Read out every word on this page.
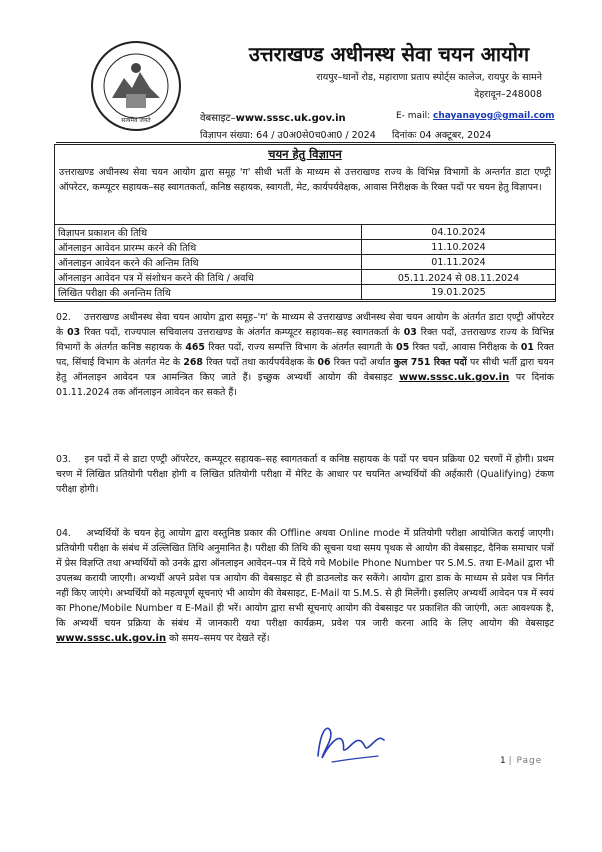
सत्यमेव जयते
उत्तराखण्ड अधीनस्थ सेवा चयन आयोग
रायपुर–थानों रोड, महाराणा प्रताप स्पोर्ट्स कालेज, रायपुर के सामने
देहरादून–248008
वेबसाइट–www.sssc.uk.gov.in	E- mail: chayanayog@gmail.com
विज्ञापन संख्या: 64 / उ0अ0से0च0आ0 / 2024 दिनांकः 04 अक्टूबर, 2024
चयन हेतु विज्ञापन
उत्तराखण्ड अधीनस्थ सेवा चयन आयोग द्वारा समूह 'ग' सीधी भर्ती के माध्यम से उत्तराखण्ड राज्य के विभिन्न विभागों के अन्तर्गत डाटा एण्ट्री ऑपरेटर, कम्प्यूटर सहायक–सह स्वागतकर्ता, कनिष्ठ सहायक, स्वागती, मेट, कार्यपर्यवेक्षक, आवास निरीक्षक के रिक्त पदों पर चयन हेतु विज्ञापन।
विज्ञापन प्रकाशन की तिथि	04.10.2024
ऑनलाइन आवेदन प्रारम्भ करने की तिथि	11.10.2024
ऑनलाइन आवेदन करने की अन्तिम तिथि	01.11.2024
ऑनलाइन आवेदन पत्र में संशोधन करने की तिथि / अवधि	05.11.2024 से 08.11.2024
लिखित परीक्षा की अनन्तिम तिथि	19.01.2025
02. उत्तराखण्ड अधीनस्थ सेवा चयन आयोग द्वारा समूह–'ग' के माध्यम से उत्तराखण्ड अधीनस्थ सेवा चयन आयोग के अंतर्गत डाटा एण्ट्री ऑपरेटर के 03 रिक्त पदों, राज्यपाल सचिवालय उत्तराखण्ड के अंतर्गत कम्प्यूटर सहायक–सह स्वागतकर्ता के 03 रिक्त पदों, उत्तराखण्ड राज्य के विभिन्न विभागों के अंतर्गत कनिष्ठ सहायक के 465 रिक्त पदों, राज्य सम्पत्ति विभाग के अंतर्गत स्वागती के 05 रिक्त पदों, आवास निरीक्षक के 01 रिक्त पद, सिंचाई विभाग के अंतर्गत मेट के 268 रिक्त पदों तथा कार्यपर्यवेक्षक के 06 रिक्त पदों अर्थात कुल 751 रिक्त पदों पर सीधी भर्ती द्वारा चयन हेतु ऑनलाइन आवेदन पत्र आमन्त्रित किए जाते हैं। इच्छुक अभ्यर्थी आयोग की वेबसाइट www.sssc.uk.gov.in पर दिनांक 01.11.2024 तक ऑनलाइन आवेदन कर सकते हैं।
03. इन पदों में से डाटा एण्ट्री ऑपरेटर, कम्प्यूटर सहायक–सह स्वागतकर्ता व कनिष्ठ सहायक के पदों पर चयन प्रक्रिया 02 चरणों में होगी। प्रथम चरण में लिखित प्रतियोगी परीक्षा होगी व लिखित प्रतियोगी परीक्षा में मेरिट के आधार पर चयनित अभ्यर्थियों की अर्हकारी (Qualifying) टंकण परीक्षा होगी।
04. अभ्यर्थियों के चयन हेतु आयोग द्वारा वस्तुनिष्ठ प्रकार की Offline अथवा Online mode में प्रतियोगी परीक्षा आयोजित कराई जाएगी। प्रतियोगी परीक्षा के संबंध में उल्लिखित तिथि अनुमानित है। परीक्षा की तिथि की सूचना यथा समय पृथक से आयोग की वेबसाइट, दैनिक समाचार पत्रों में प्रेस विज्ञप्ति तथा अभ्यर्थियों को उनके द्वारा ऑनलाइन आवेदन–पत्र में दिये गये Mobile Phone Number पर S.M.S. तथा E-Mail द्वारा भी उपलब्ध करायी जाएगी। अभ्यर्थी अपने प्रवेश पत्र आयोग की वेबसाइट से ही डाउनलोड कर सकेंगे। आयोग द्वारा डाक के माध्यम से प्रवेश पत्र निर्गत नहीं किए जाएंगे। अभ्यर्थियों को महत्वपूर्ण सूचनाएं भी आयोग की वेबसाइट, E-Mail या S.M.S. से ही मिलेंगी। इसलिए अभ्यर्थी आवेदन पत्र में स्वयं का Phone/Mobile Number व E-Mail ही भरें। आयोग द्वारा सभी सूचनाएं आयोग की वेबसाइट पर प्रकाशित की जाएंगी, अतः आवश्यक है, कि अभ्यर्थी चयन प्रक्रिया के संबंध में जानकारी यथा परीक्षा कार्यक्रम, प्रवेश पत्र जारी करना आदि के लिए आयोग की वेबसाइट www.sssc.uk.gov.in को समय–समय पर देखते रहें।
1 | Page
